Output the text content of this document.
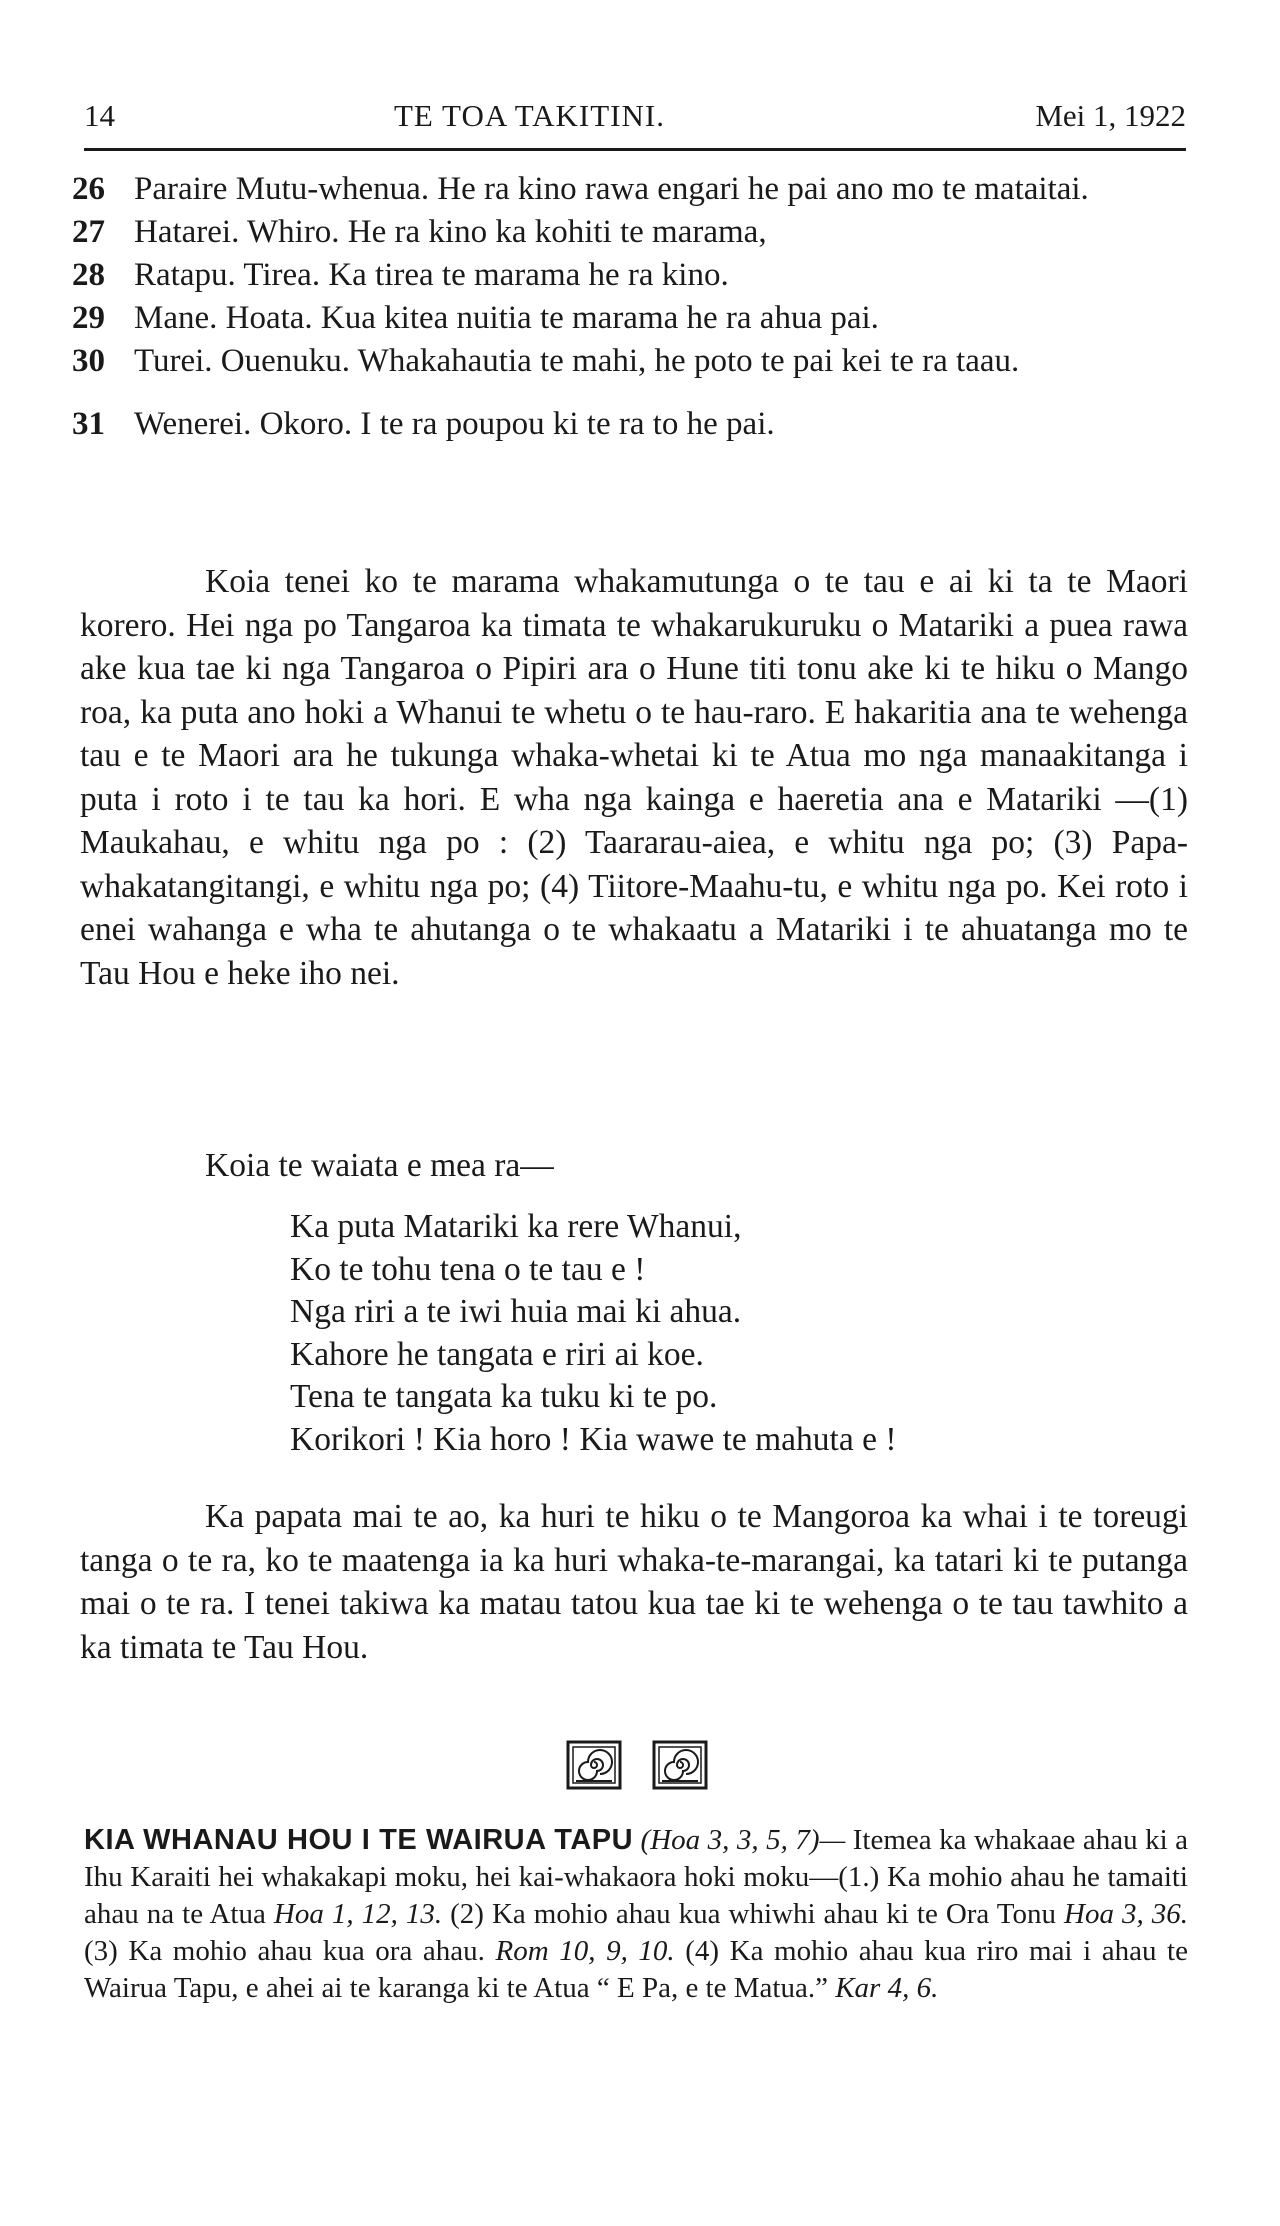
14	TE TOA TAKITINI.	Mei 1, 1922
26 Paraire Mutu-whenua. He ra kino rawa engari he pai ano mo te mataitai.
27 Hatarei. Whiro. He ra kino ka kohiti te marama,
28 Ratapu. Tirea. Ka tirea te marama he ra kino.
29 Mane. Hoata. Kua kitea nuitia te marama he ra ahua pai.
30 Turei. Ouenuku. Whakahautia te mahi, he poto te pai kei te ra taau.
31 Wenerei. Okoro. I te ra poupou ki te ra to he pai.

Koia tenei ko te marama whakamutunga o te tau e ai ki ta te Maori korero. Hei nga po Tangaroa ka timata te whakarukuruku o Matariki a puea rawa ake kua tae ki nga Tangaroa o Pipiri ara o Hune titi tonu ake ki te hiku o Mango roa, ka puta ano hoki a Whanui te whetu o te hau-raro. E hakaritia ana te wehenga tau e te Maori ara he tukunga whaka-whetai ki te Atua mo nga manaakitanga i puta i roto i te tau ka hori. E wha nga kainga e haeretia ana e Matariki —(1) Maukahau, e whitu nga po : (2) Taararau-aiea, e whitu nga po; (3) Papa-whakatangitangi, e whitu nga po; (4) Tiitore-Maahu-tu, e whitu nga po. Kei roto i enei wahanga e wha te ahutanga o te whakaatu a Matariki i te ahuatanga mo te Tau Hou e heke iho nei.

Koia te waiata e mea ra—

Ka puta Matariki ka rere Whanui,
Ko te tohu tena o te tau e !
Nga riri a te iwi huia mai ki ahua.
Kahore he tangata e riri ai koe.
Tena te tangata ka tuku ki te po.
Korikori ! Kia horo ! Kia wawe te mahuta e !

Ka papata mai te ao, ka huri te hiku o te Mangoroa ka whai i te toreugi tanga o te ra, ko te maatenga ia ka huri whaka-te-marangai, ka tatari ki te putanga mai o te ra. I tenei takiwa ka matau tatou kua tae ki te wehenga o te tau tawhito a ka timata te Tau Hou.

KIA WHANAU HOU I TE WAIRUA TAPU (Hoa 3, 3, 5, 7)— Itemea ka whakaae ahau ki a Ihu Karaiti hei whakakapi moku, hei kai-whakaora hoki moku—(1.) Ka mohio ahau he tamaiti ahau na te Atua Hoa 1, 12, 13. (2) Ka mohio ahau kua whiwhi ahau ki te Ora Tonu Hoa 3, 36. (3) Ka mohio ahau kua ora ahau. Rom 10, 9, 10. (4) Ka mohio ahau kua riro mai i ahau te Wairua Tapu, e ahei ai te karanga ki te Atua “ E Pa, e te Matua.” Kar 4, 6.
